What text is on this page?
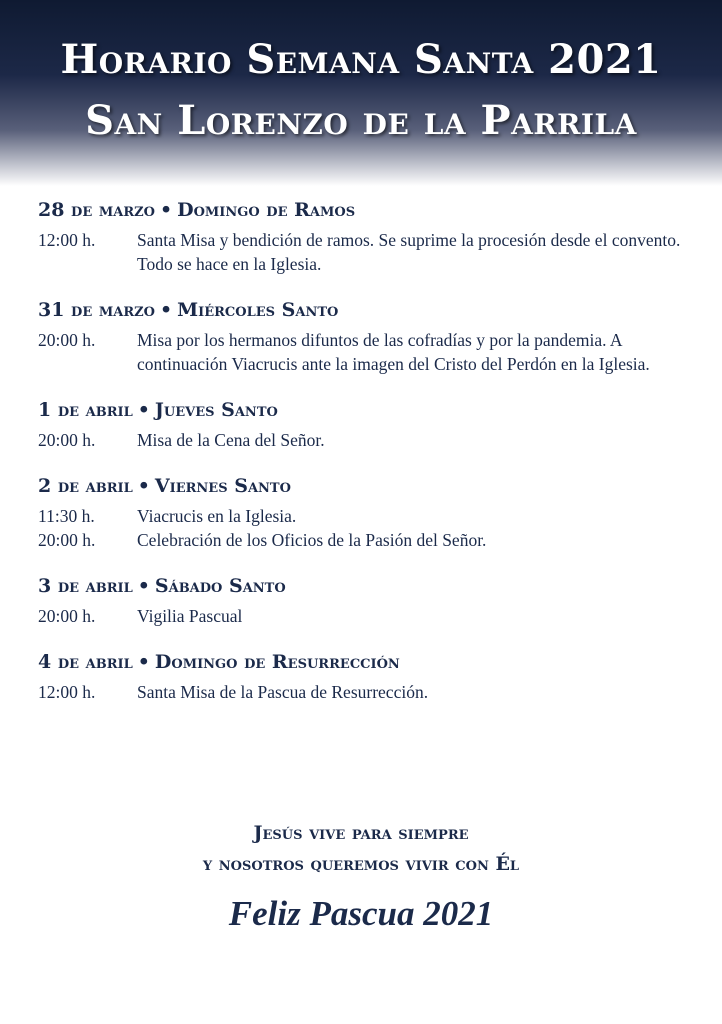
Horario Semana Santa 2021
San Lorenzo de la Parrila
28 de marzo • Domingo de Ramos
12:00 h.	Santa Misa y bendición de ramos. Se suprime la procesión desde el convento. Todo se hace en la Iglesia.
31 de marzo • Miércoles Santo
20:00 h.	Misa por los hermanos difuntos de las cofradías y por la pandemia. A continuación Viacrucis ante la imagen del Cristo del Perdón en la Iglesia.
1 de abril • Jueves Santo
20:00 h.	Misa de la Cena del Señor.
2 de abril • Viernes Santo
11:30 h.	Viacrucis en la Iglesia.
20:00 h.	Celebración de los Oficios de la Pasión del Señor.
3 de abril • Sábado Santo
20:00 h.	Vigilia Pascual
4 de abril • Domingo de Resurrección
12:00 h.	Santa Misa de la Pascua de Resurrección.
Jesús vive para siempre
y nosotros queremos vivir con Él
Feliz Pascua 2021
